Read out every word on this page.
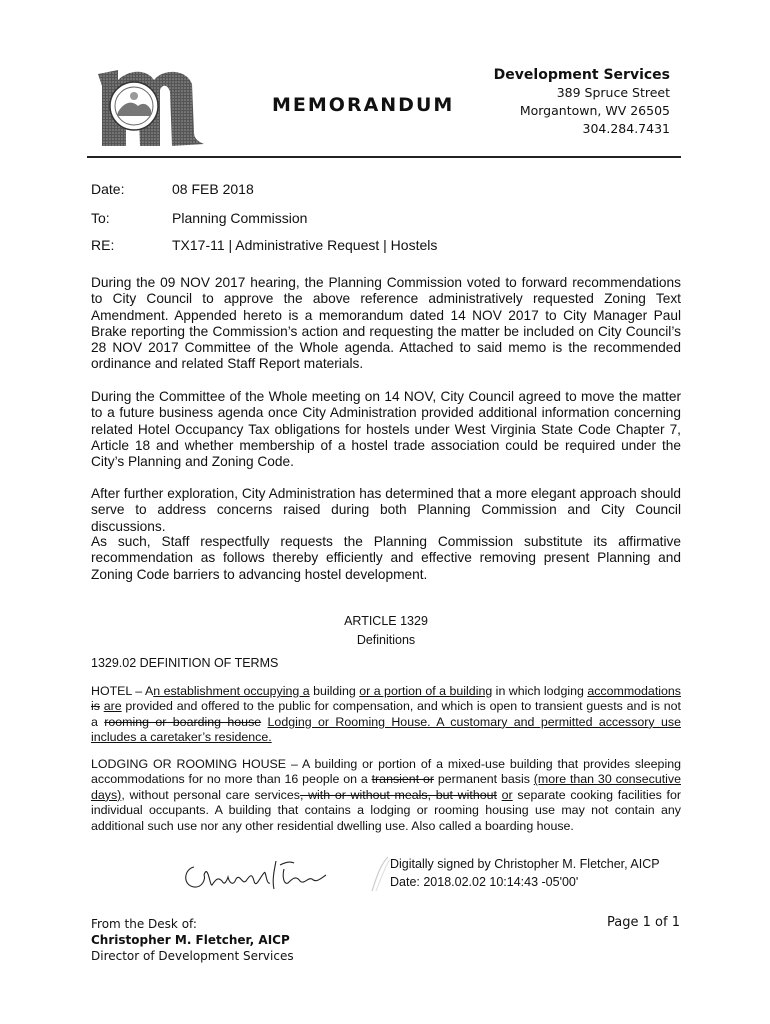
MEMORANDUM
Development Services
389 Spruce Street
Morgantown, WV 26505
304.284.7431
Date:	08 FEB 2018
To:	Planning Commission
RE:	TX17-11 | Administrative Request | Hostels
During the 09 NOV 2017 hearing, the Planning Commission voted to forward recommendations to City Council to approve the above reference administratively requested Zoning Text Amendment. Appended hereto is a memorandum dated 14 NOV 2017 to City Manager Paul Brake reporting the Commission’s action and requesting the matter be included on City Council’s 28 NOV 2017 Committee of the Whole agenda. Attached to said memo is the recommended ordinance and related Staff Report materials.
During the Committee of the Whole meeting on 14 NOV, City Council agreed to move the matter to a future business agenda once City Administration provided additional information concerning related Hotel Occupancy Tax obligations for hostels under West Virginia State Code Chapter 7, Article 18 and whether membership of a hostel trade association could be required under the City’s Planning and Zoning Code.
After further exploration, City Administration has determined that a more elegant approach should serve to address concerns raised during both Planning Commission and City Council discussions.
As such, Staff respectfully requests the Planning Commission substitute its affirmative recommendation as follows thereby efficiently and effective removing present Planning and Zoning Code barriers to advancing hostel development.
ARTICLE 1329
Definitions
1329.02 DEFINITION OF TERMS
HOTEL – An establishment occupying a building or a portion of a building in which lodging accommodations is are provided and offered to the public for compensation, and which is open to transient guests and is not a rooming or boarding house Lodging or Rooming House. A customary and permitted accessory use includes a caretaker’s residence.
LODGING OR ROOMING HOUSE – A building or portion of a mixed-use building that provides sleeping accommodations for no more than 16 people on a transient or permanent basis (more than 30 consecutive days), without personal care services, with or without meals, but without or separate cooking facilities for individual occupants. A building that contains a lodging or rooming housing use may not contain any additional such use nor any other residential dwelling use. Also called a boarding house.
Digitally signed by Christopher M. Fletcher, AICP
Date: 2018.02.02 10:14:43 -05'00'
From the Desk of:
Christopher M. Fletcher, AICP
Director of Development Services
Page 1 of 1
